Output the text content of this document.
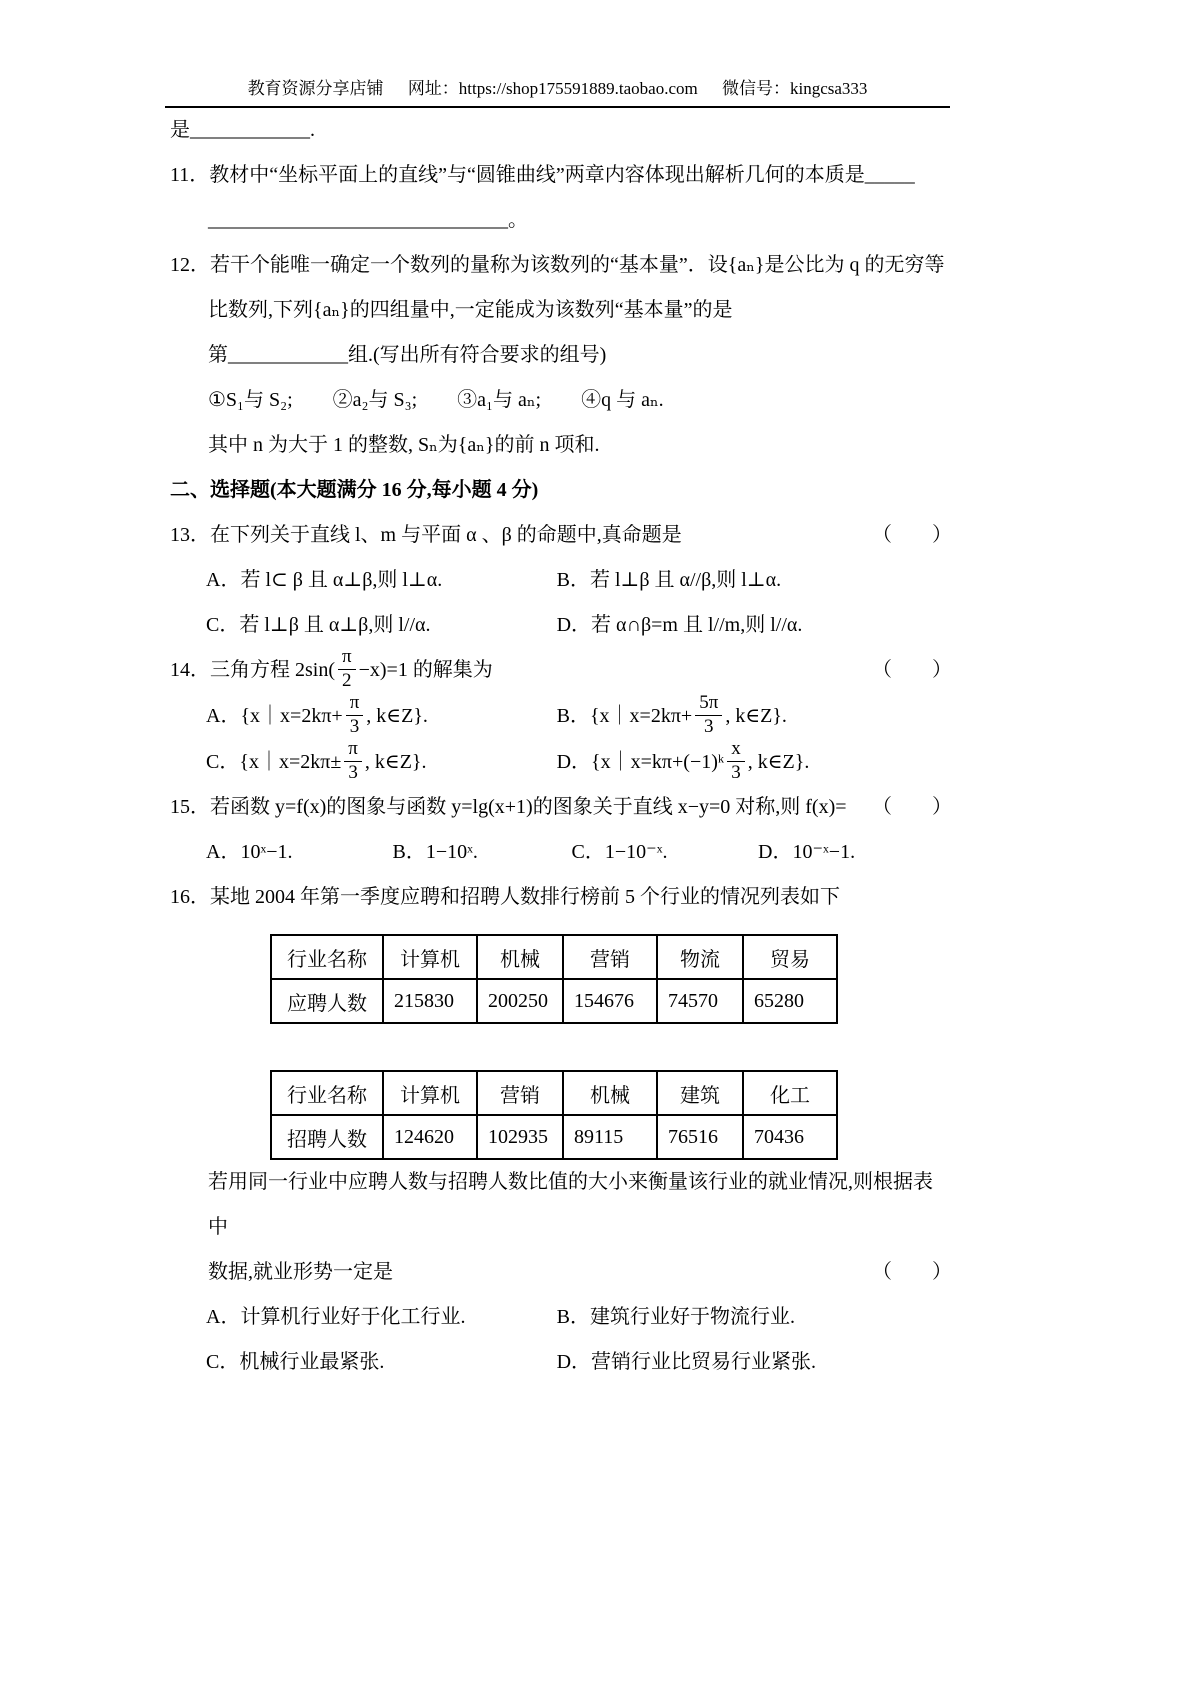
教育资源分享店铺 网址：https://shop175591889.taobao.com 微信号：kingcsa333

是____________.

11．教材中“坐标平面上的直线”与“圆锥曲线”两章内容体现出解析几何的本质是_____

______________________________。

12．若干个能唯一确定一个数列的量称为该数列的“基本量”．设{aₙ}是公比为 q 的无穷等

比数列,下列{aₙ}的四组量中,一定能成为该数列“基本量”的是

第____________组.(写出所有符合要求的组号)

①S₁与 S₂;　　②a₂与 S₃;　　③a₁与 aₙ;　　④q 与 aₙ.

其中 n 为大于 1 的整数, Sₙ为{aₙ}的前 n 项和.

二、选择题(本大题满分 16 分,每小题 4 分)

13．在下列关于直线 l、m 与平面 α 、β 的命题中,真命题是	（　　）

A．若 l⊂ β 且 α⊥β,则 l⊥α.	B．若 l⊥β 且 α//β,则 l⊥α.

C．若 l⊥β 且 α⊥β,则 l//α.	D．若 α∩β=m 且 l//m,则 l//α.

14．三角方程 $2\sin( \frac{\pi}{2} -x)=1$ 的解集为	（　　）

A．{x｜x=2kπ+ $\frac{\pi}{3}$ , k∈Z}.	B．{x｜x=2kπ+ $\frac{5\pi}{3}$ , k∈Z}.

C．{x｜x=2kπ± $\frac{\pi}{3}$ , k∈Z}.	D．{x｜x=kπ+(−1)ᵏ $\frac{x}{3}$ , k∈Z}.

15．若函数 y=f(x)的图象与函数 y=lg(x+1)的图象关于直线 x−y=0 对称,则 f(x)=	（　　）

A．10ˣ−1.	B．1−10ˣ.	C．1−10⁻ˣ.	D．10⁻ˣ−1.

16．某地 2004 年第一季度应聘和招聘人数排行榜前 5 个行业的情况列表如下

行业名称	计算机	机械	营销	物流	贸易
应聘人数	215830	200250	154676	74570	65280
行业名称	计算机	营销	机械	建筑	化工
招聘人数	124620	102935	89115	76516	70436

若用同一行业中应聘人数与招聘人数比值的大小来衡量该行业的就业情况,则根据表中

数据,就业形势一定是	（　　）

A．计算机行业好于化工行业.	B．建筑行业好于物流行业.

C．机械行业最紧张.	D．营销行业比贸易行业紧张.
